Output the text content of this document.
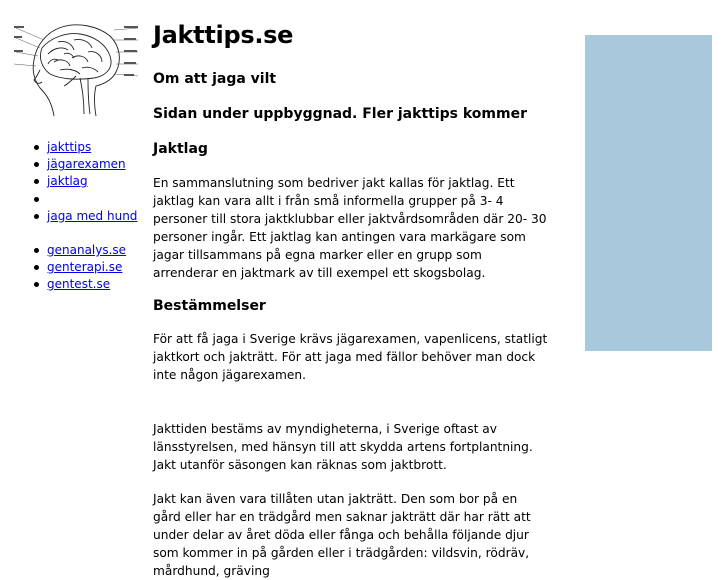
jakttips
jägarexamen
jaktlag
jaga med hund
genanalys.se
genterapi.se
gentest.se
Jakttips.se
Om att jaga vilt
Sidan under uppbyggnad. Fler jakttips kommer
Jaktlag

En sammanslutning som bedriver jakt kallas för jaktlag. Ett jaktlag kan vara allt i från små informella grupper på 3- 4 personer till stora jaktklubbar eller jaktvårdsområden där 20- 30 personer ingår. Ett jaktlag kan antingen vara markägare som jagar tillsammans på egna marker eller en grupp som arrenderar en jaktmark av till exempel ett skogsbolag.

Bestämmelser

För att få jaga i Sverige krävs jägarexamen, vapenlicens, statligt jaktkort och jakträtt. För att jaga med fällor behöver man dock inte någon jägarexamen.

Jakttiden bestäms av myndigheterna, i Sverige oftast av länsstyrelsen, med hänsyn till att skydda artens fortplantning.

Jakt utanför säsongen kan räknas som jaktbrott.

Jakt kan även vara tillåten utan jakträtt. Den som bor på en gård eller har en trädgård men saknar jakträtt där har rätt att under delar av året döda eller fånga och behålla följande djur som kommer in på gården eller i trädgården: vildsvin, rödräv, mårdhund, gräving
